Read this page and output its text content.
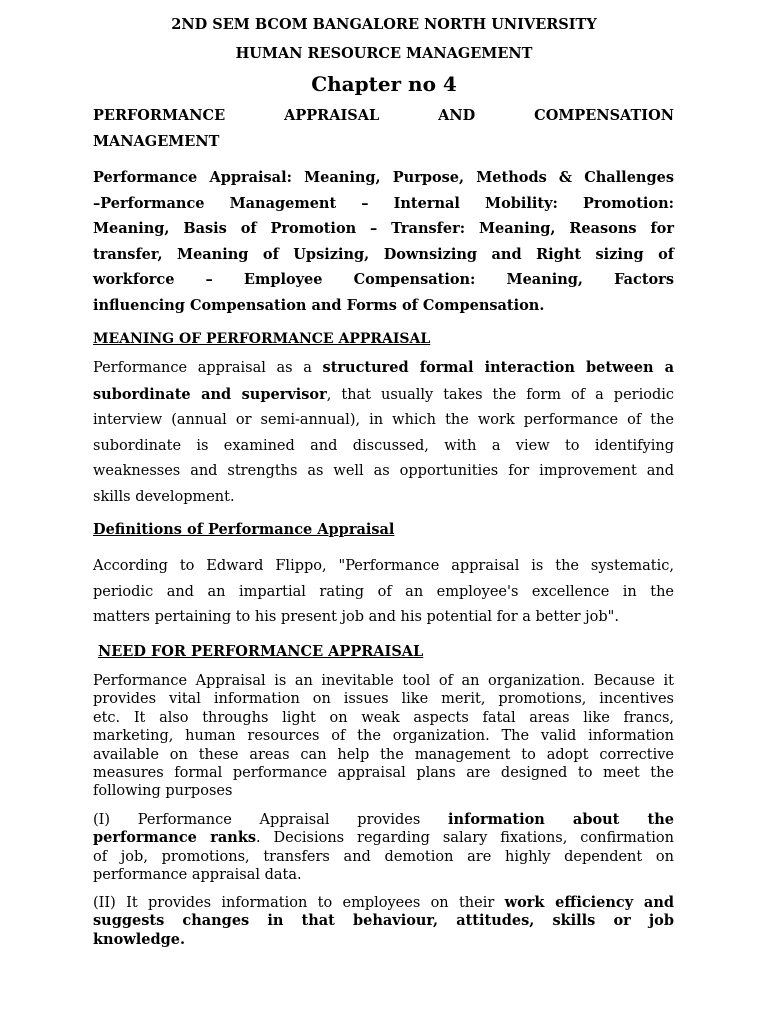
2ND SEM BCOM BANGALORE NORTH UNIVERSITY
HUMAN RESOURCE MANAGEMENT
Chapter no 4
PERFORMANCE	APPRAISAL	AND	COMPENSATION
MANAGEMENT
Performance Appraisal: Meaning, Purpose, Methods & Challenges
–Performance Management – Internal Mobility: Promotion:
Meaning, Basis of Promotion – Transfer: Meaning, Reasons for
transfer, Meaning of Upsizing, Downsizing and Right sizing of
workforce – Employee Compensation: Meaning, Factors
influencing Compensation and Forms of Compensation.
MEANING OF PERFORMANCE APPRAISAL
Performance appraisal as a structured formal interaction between a
subordinate and supervisor, that usually takes the form of a periodic
interview (annual or semi-annual), in which the work performance of the
subordinate is examined and discussed, with a view to identifying
weaknesses and strengths as well as opportunities for improvement and
skills development.
Definitions of Performance Appraisal
According to Edward Flippo, "Performance appraisal is the systematic,
periodic and an impartial rating of an employee's excellence in the
matters pertaining to his present job and his potential for a better job".
NEED FOR PERFORMANCE APPRAISAL
Performance Appraisal is an inevitable tool of an organization. Because it
provides vital information on issues like merit, promotions, incentives
etc. It also throughs light on weak aspects fatal areas like francs,
marketing, human resources of the organization. The valid information
available on these areas can help the management to adopt corrective
measures formal performance appraisal plans are designed to meet the
following purposes
(I) Performance Appraisal provides information about the
performance ranks. Decisions regarding salary fixations, confirmation
of job, promotions, transfers and demotion are highly dependent on
performance appraisal data.
(II) It provides information to employees on their work efficiency and
suggests changes in that behaviour, attitudes, skills or job
knowledge.
